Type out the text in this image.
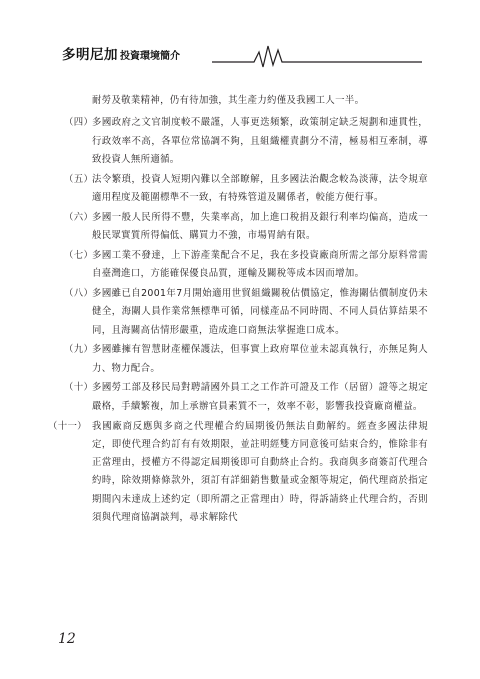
多明尼加 投資環境簡介
耐勞及敬業精神，仍有待加強，其生產力約僅及我國工人一半。
（四）
多國政府之文官制度較不嚴謹，人事更迭頻繁，政策制定缺乏規劃和連貫性，行政效率不高，各單位常協調不夠，且組織權責劃分不清，極易相互牽制，導致投資人無所適循。
（五）
法令繁瑣，投資人短期內難以全部瞭解，且多國法治觀念較為淡薄，法令規章適用程度及範圍標準不一致，有特殊管道及關係者，較能方便行事。
（六）
多國一般人民所得不豐，失業率高，加上進口稅捐及銀行利率均偏高，造成一般民眾實質所得偏低、購買力不強，市場胃納有限。
（七）
多國工業不發達，上下游產業配合不足，我在多投資廠商所需之部分原料常需自臺灣進口，方能確保優良品質，運輸及關稅等成本因而增加。
（八）
多國雖已自2001年7月開始適用世貿組織關稅估價協定，惟海關估價制度仍未健全，海關人員作業常無標準可循，同樣產品不同時間、不同人員估算結果不同，且海關高估情形嚴重，造成進口商無法掌握進口成本。
（九）
多國雖擁有智慧財產權保護法，但事實上政府單位並未認真執行，亦無足夠人力、物力配合。
（十）
多國勞工部及移民局對聘請國外員工之工作許可證及工作（居留）證等之規定嚴格，手續繁複，加上承辦官員素質不一，效率不彰，影響我投資廠商權益。
（十一） 我國廠商反應與多商之代理權合約屆期後仍無法自動解約。經查多國法律規定，即使代理合約訂有有效期限，並註明經雙方同意後可結束合約，惟除非有正當理由，授權方不得認定屆期後即可自動終止合約。我商與多商簽訂代理合約時，除效期條條款外，須訂有詳細銷售數量或金額等規定，倘代理商於指定期間內未達成上述約定（即所謂之正當理由）時，得訴請終止代理合約，否則須與代理商協調談判，尋求解除代
12
